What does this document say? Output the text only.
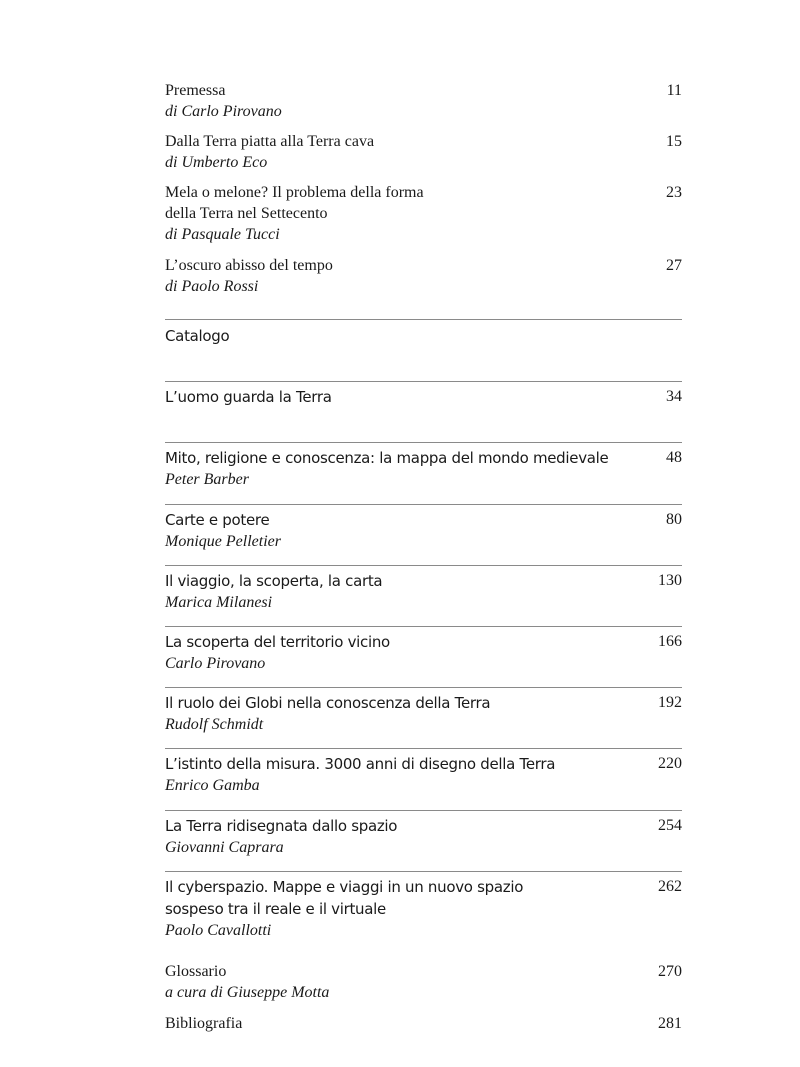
Premessa
di Carlo Pirovano
11
Dalla Terra piatta alla Terra cava
di Umberto Eco
15
Mela o melone? Il problema della forma
della Terra nel Settecento
di Pasquale Tucci
23
L’oscuro abisso del tempo
di Paolo Rossi
27
Catalogo
L’uomo guarda la Terra	34
Mito, religione e conoscenza: la mappa del mondo medievale
Peter Barber
48
Carte e potere
Monique Pelletier
80
Il viaggio, la scoperta, la carta
Marica Milanesi
130
La scoperta del territorio vicino
Carlo Pirovano
166
Il ruolo dei Globi nella conoscenza della Terra
Rudolf Schmidt
192
L’istinto della misura. 3000 anni di disegno della Terra
Enrico Gamba
220
La Terra ridisegnata dallo spazio
Giovanni Caprara
254
Il cyberspazio. Mappe e viaggi in un nuovo spazio
sospeso tra il reale e il virtuale
Paolo Cavallotti
262
Glossario
a cura di Giuseppe Motta
270
Bibliografia	281
